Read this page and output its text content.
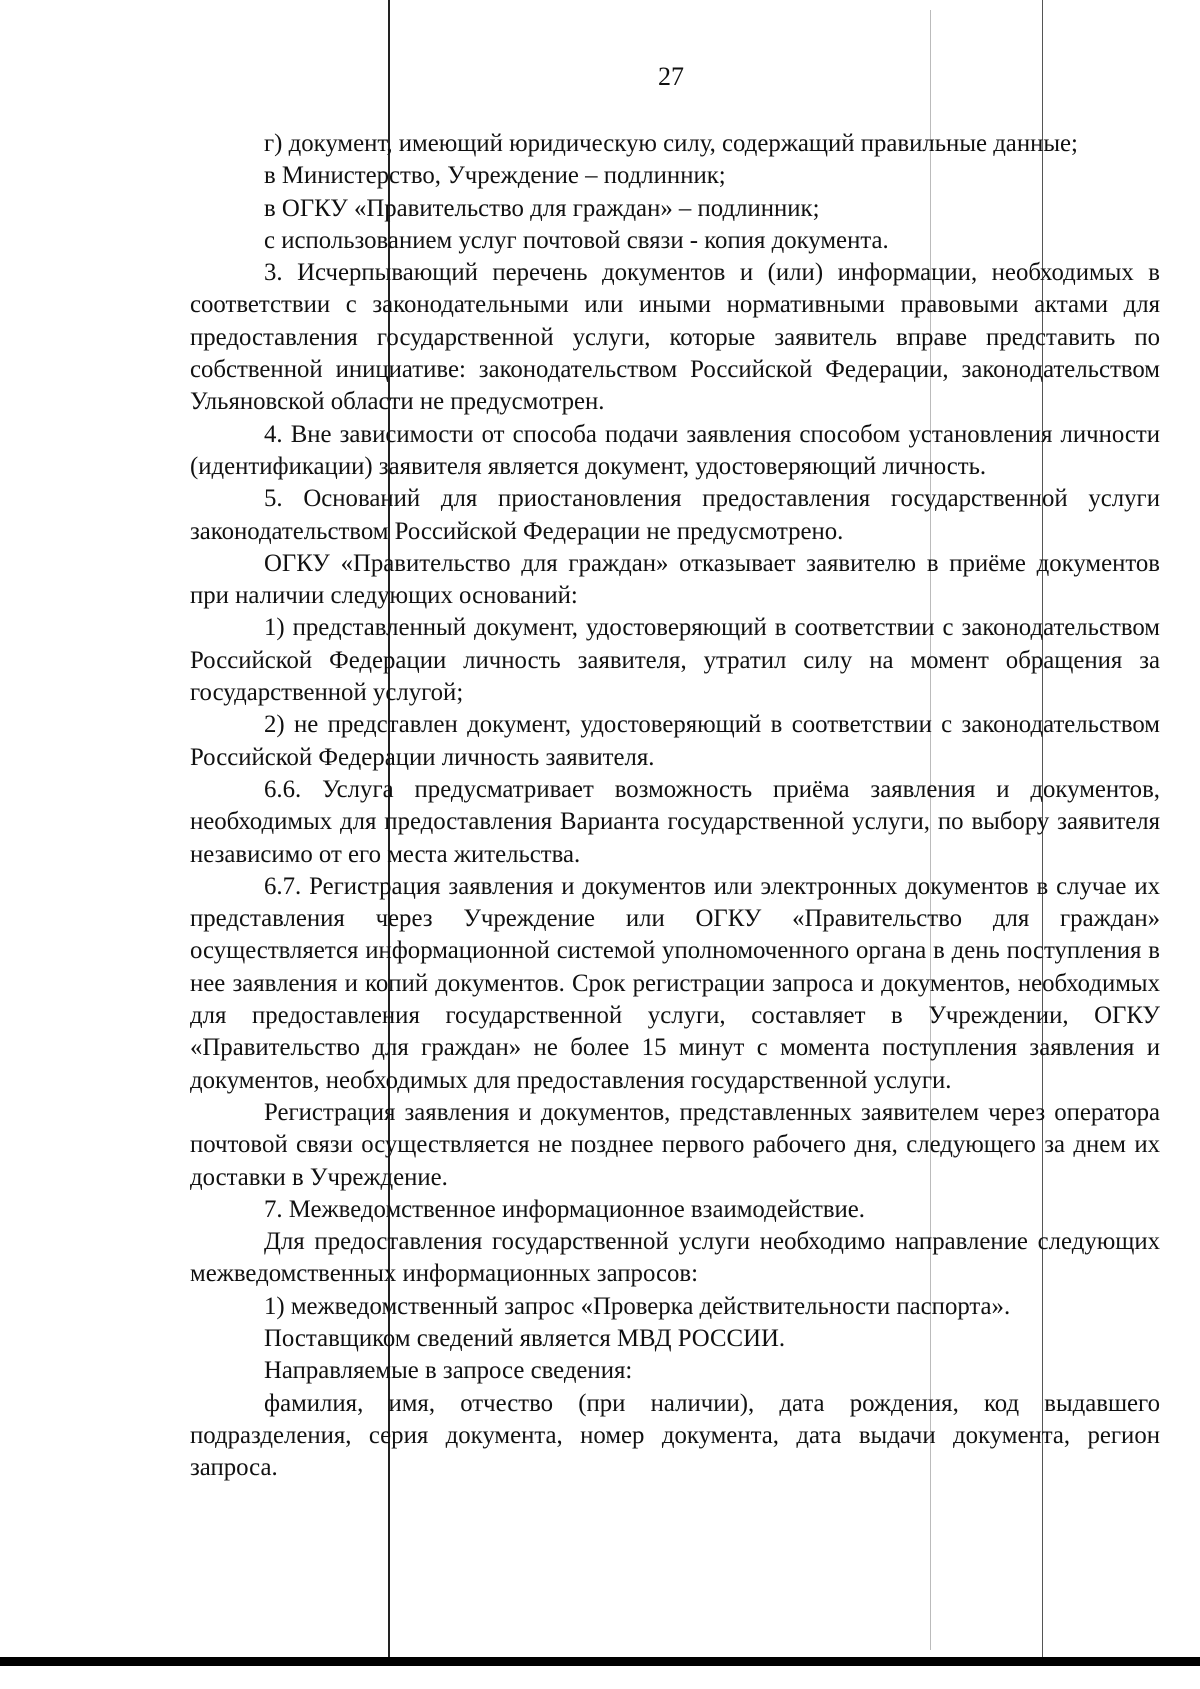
27

г) документ, имеющий юридическую силу, содержащий правильные данные;

в Министерство, Учреждение – подлинник;

в ОГКУ «Правительство для граждан» – подлинник;

с использованием услуг почтовой связи - копия документа.

3. Исчерпывающий перечень документов и (или) информации, необходимых в соответствии с законодательными или иными нормативными правовыми актами для предоставления государственной услуги, которые заявитель вправе представить по собственной инициативе: законодательством Российской Федерации, законодательством Ульяновской области не предусмотрен.

4. Вне зависимости от способа подачи заявления способом установления личности (идентификации) заявителя является документ, удостоверяющий личность.

5. Оснований для приостановления предоставления государственной услуги законодательством Российской Федерации не предусмотрено.

ОГКУ «Правительство для граждан» отказывает заявителю в приёме документов при наличии следующих оснований:

1) представленный документ, удостоверяющий в соответствии с законодательством Российской Федерации личность заявителя, утратил силу на момент обращения за государственной услугой;

2) не представлен документ, удостоверяющий в соответствии с законодательством Российской Федерации личность заявителя.

6.6. Услуга предусматривает возможность приёма заявления и документов, необходимых для предоставления Варианта государственной услуги, по выбору заявителя независимо от его места жительства.

6.7. Регистрация заявления и документов или электронных документов в случае их представления через Учреждение или ОГКУ «Правительство для граждан» осуществляется информационной системой уполномоченного органа в день поступления в нее заявления и копий документов. Срок регистрации запроса и документов, необходимых для предоставления государственной услуги, составляет в Учреждении, ОГКУ «Правительство для граждан» не более 15 минут с момента поступления заявления и документов, необходимых для предоставления государственной услуги.

Регистрация заявления и документов, представленных заявителем через оператора почтовой связи осуществляется не позднее первого рабочего дня, следующего за днем их доставки в Учреждение.

7. Межведомственное информационное взаимодействие.

Для предоставления государственной услуги необходимо направление следующих межведомственных информационных запросов:

1) межведомственный запрос «Проверка действительности паспорта».

Поставщиком сведений является МВД РОССИИ.

Направляемые в запросе сведения:

фамилия, имя, отчество (при наличии), дата рождения, код выдавшего подразделения, серия документа, номер документа, дата выдачи документа, регион запроса.
